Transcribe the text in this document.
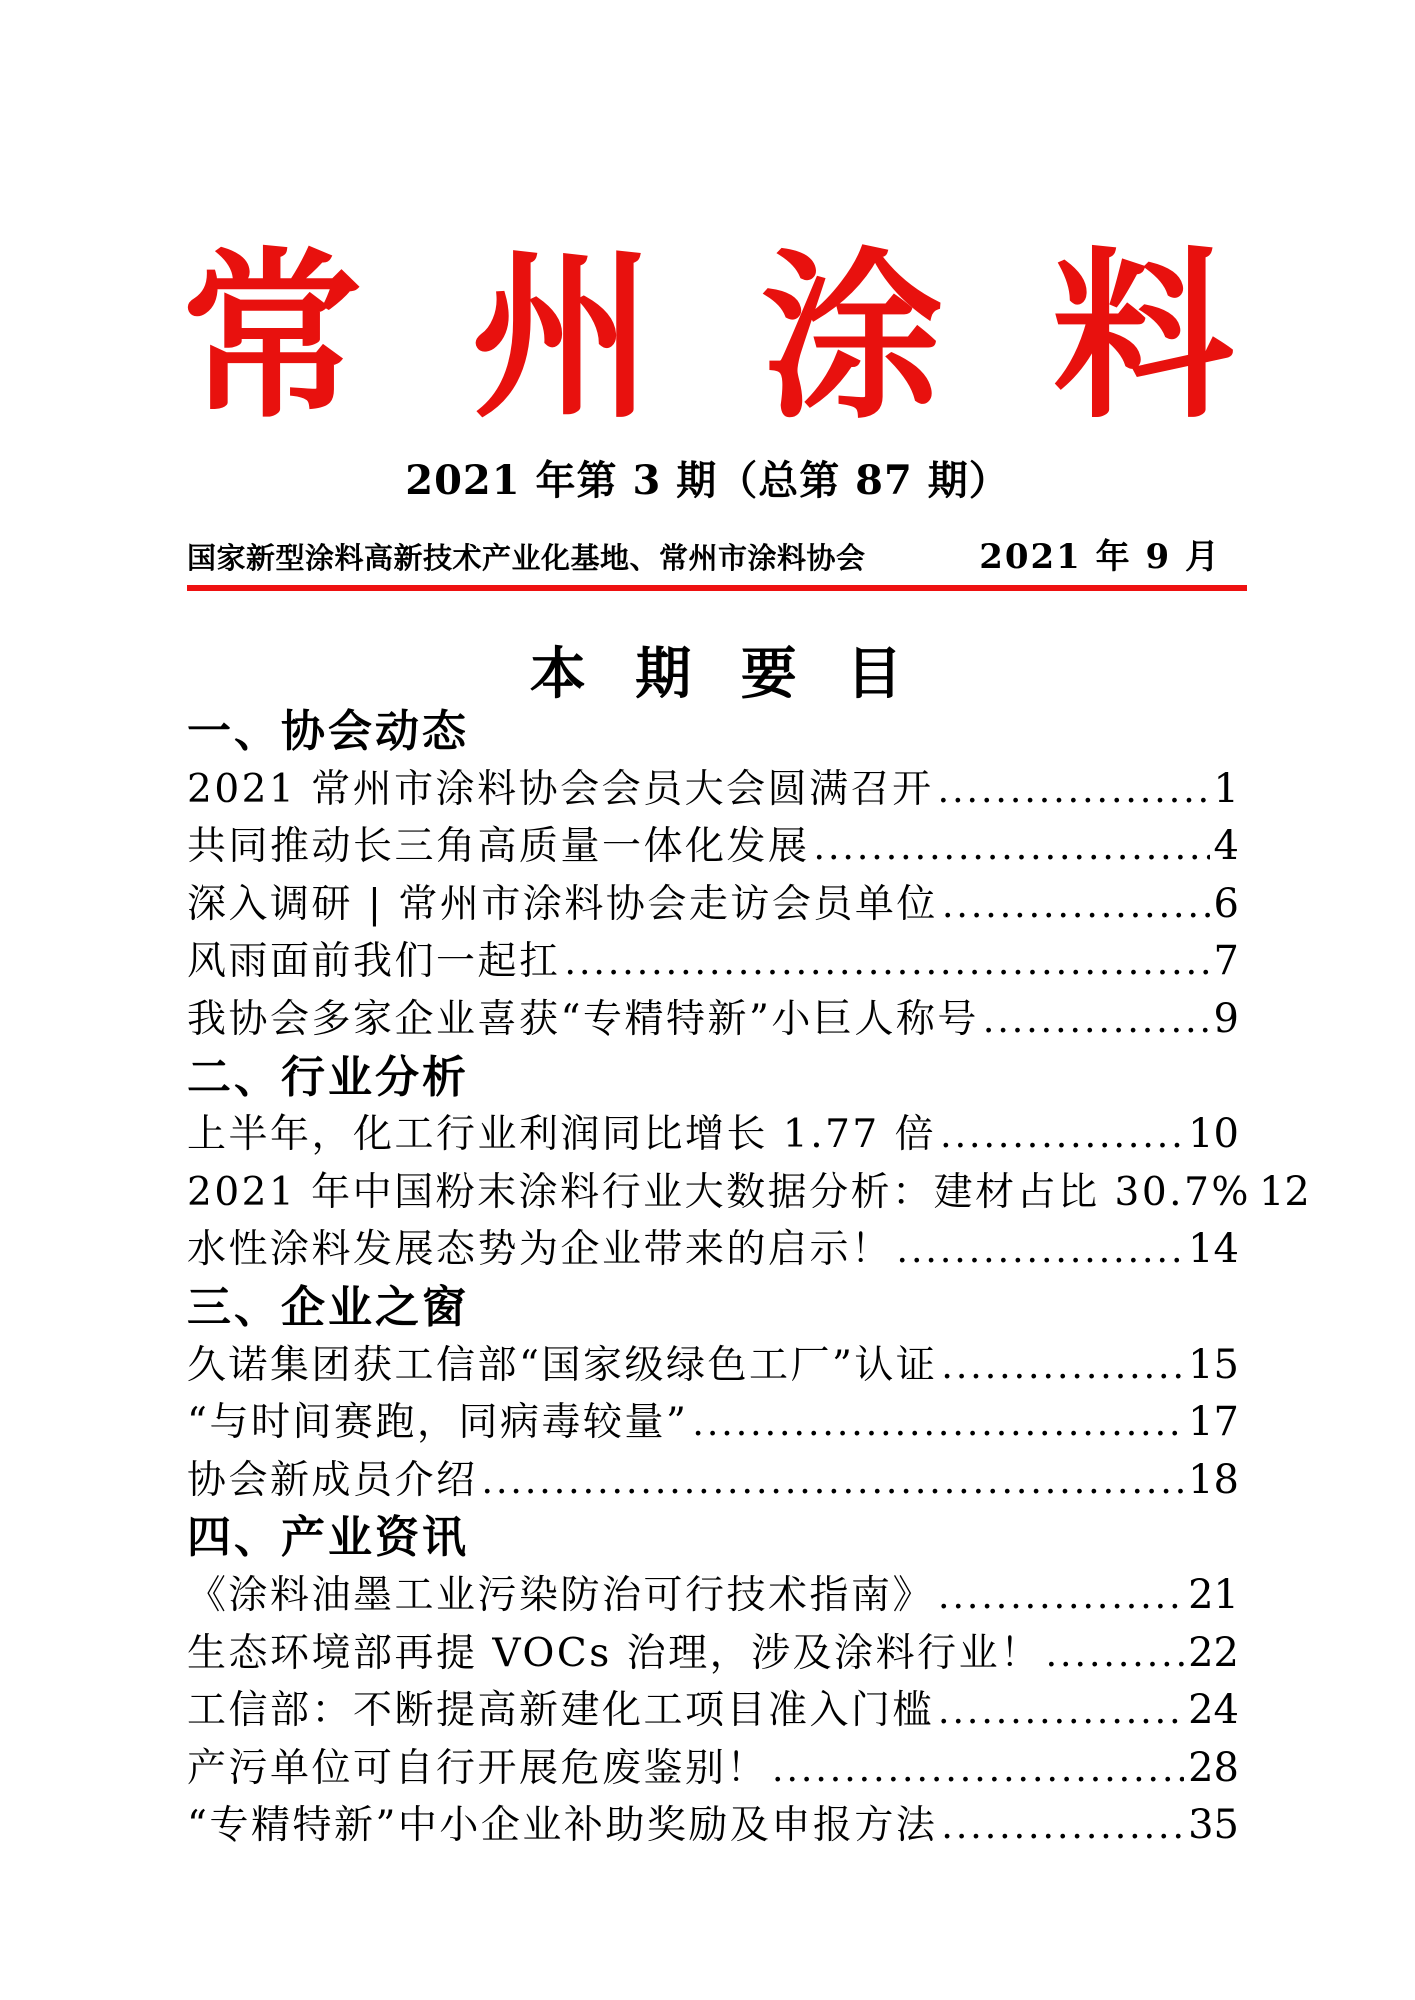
常 州 涂 料
2021 年第 3 期（总第 87 期）
国家新型涂料高新技术产业化基地、常州市涂料协会	2021 年 9 月
本 期 要 目
一、协会动态
2021 常州市涂料协会会员大会圆满召开 .....	1
共同推动长三角高质量一体化发展 .....	4
深入调研 | 常州市涂料协会走访会员单位 .....	6
风雨面前我们一起扛 .....	7
我协会多家企业喜获“专精特新”小巨人称号 .....	9
二、行业分析
上半年，化工行业利润同比增长 1.77 倍 .....	10
2021 年中国粉末涂料行业大数据分析：建材占比 30.7% 12
水性涂料发展态势为企业带来的启示！ .....	14
三、企业之窗
久诺集团获工信部“国家级绿色工厂”认证 .....	15
“与时间赛跑，同病毒较量” .....	17
协会新成员介绍 .....	18
四、产业资讯
《涂料油墨工业污染防治可行技术指南》 .....	21
生态环境部再提 VOCs 治理，涉及涂料行业！ .....	22
工信部：不断提高新建化工项目准入门槛 .....	24
产污单位可自行开展危废鉴别！ .....	28
“专精特新”中小企业补助奖励及申报方法 .....	35
